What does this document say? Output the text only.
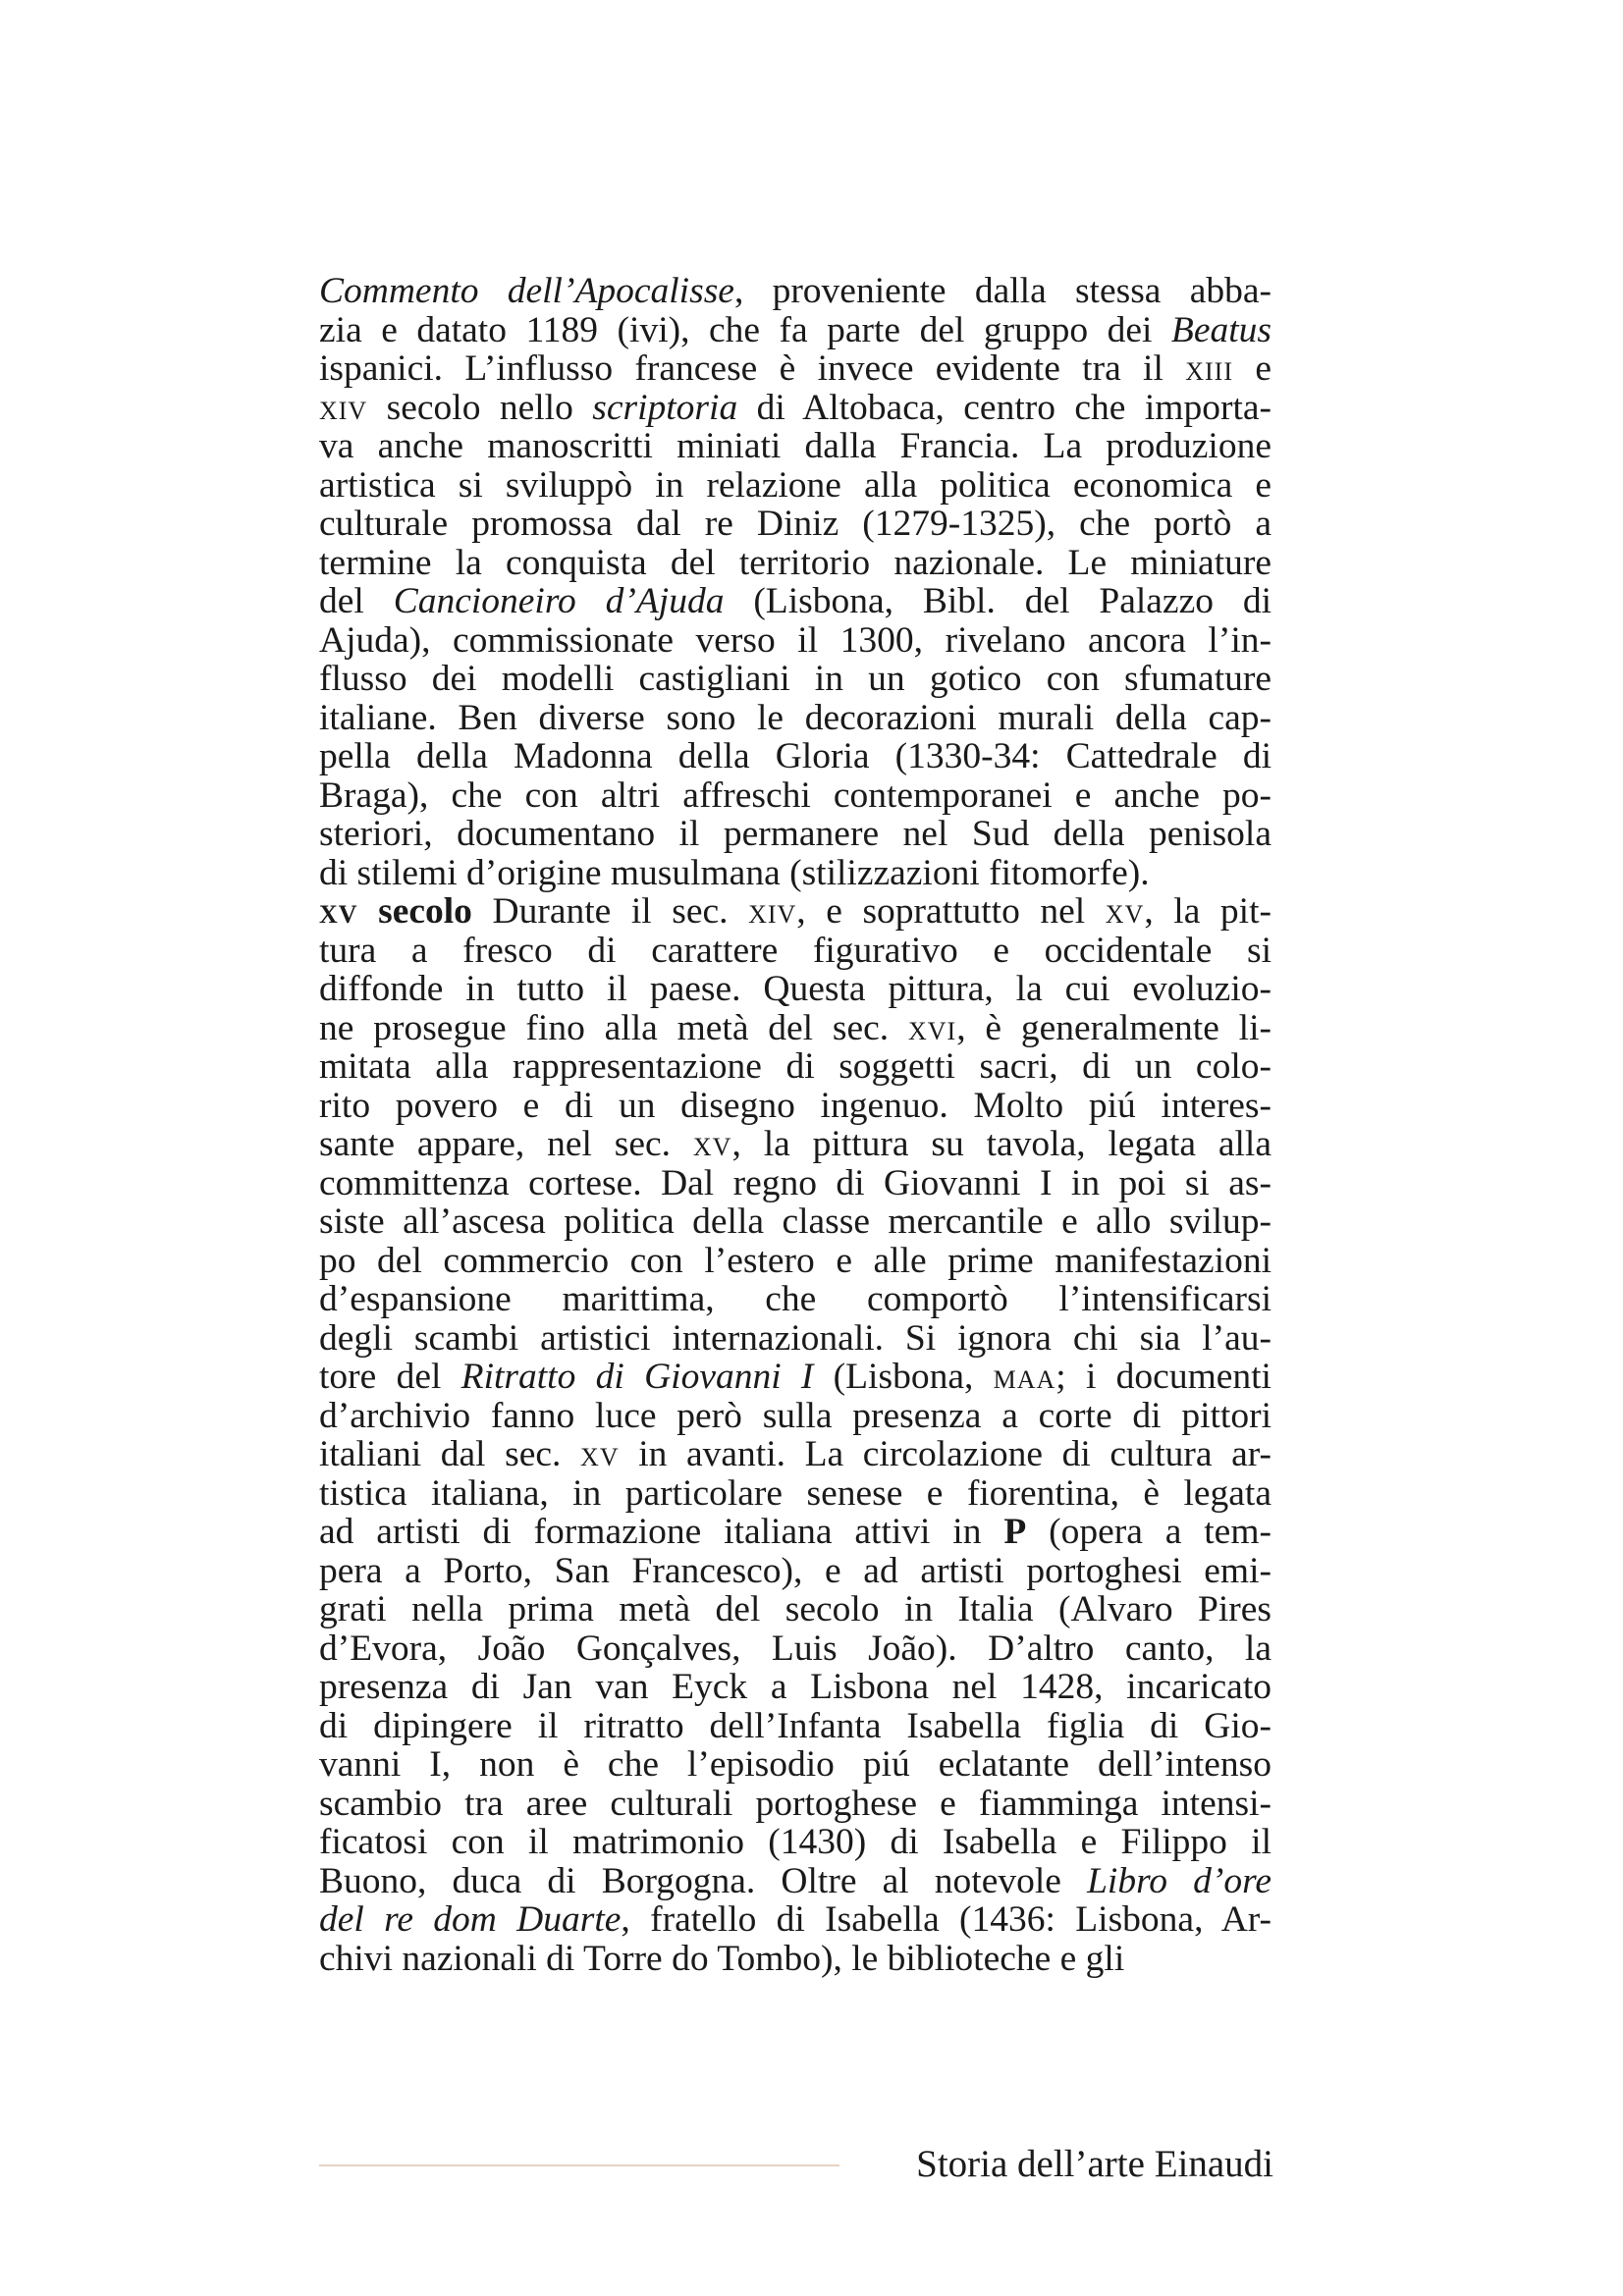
Commento dell’Apocalisse, proveniente dalla stessa abba-
zia e datato 1189 (ivi), che fa parte del gruppo dei Beatus
ispanici. L’influsso francese è invece evidente tra il xiii e
xiv secolo nello scriptoria di Altobaca, centro che importa-
va anche manoscritti miniati dalla Francia. La produzione
artistica si sviluppò in relazione alla politica economica e
culturale promossa dal re Diniz (1279-1325), che portò a
termine la conquista del territorio nazionale. Le miniature
del Cancioneiro d’Ajuda (Lisbona, Bibl. del Palazzo di
Ajuda), commissionate verso il 1300, rivelano ancora l’in-
flusso dei modelli castigliani in un gotico con sfumature
italiane. Ben diverse sono le decorazioni murali della cap-
pella della Madonna della Gloria (1330-34: Cattedrale di
Braga), che con altri affreschi contemporanei e anche po-
steriori, documentano il permanere nel Sud della penisola
di stilemi d’origine musulmana (stilizzazioni fitomorfe).
xv secolo Durante il sec. xiv, e soprattutto nel xv, la pit-
tura a fresco di carattere figurativo e occidentale si
diffonde in tutto il paese. Questa pittura, la cui evoluzio-
ne prosegue fino alla metà del sec. xvi, è generalmente li-
mitata alla rappresentazione di soggetti sacri, di un colo-
rito povero e di un disegno ingenuo. Molto piú interes-
sante appare, nel sec. xv, la pittura su tavola, legata alla
committenza cortese. Dal regno di Giovanni I in poi si as-
siste all’ascesa politica della classe mercantile e allo svilup-
po del commercio con l’estero e alle prime manifestazioni
d’espansione marittima, che comportò l’intensificarsi
degli scambi artistici internazionali. Si ignora chi sia l’au-
tore del Ritratto di Giovanni I (Lisbona, maa; i documenti
d’archivio fanno luce però sulla presenza a corte di pittori
italiani dal sec. xv in avanti. La circolazione di cultura ar-
tistica italiana, in particolare senese e fiorentina, è legata
ad artisti di formazione italiana attivi in P (opera a tem-
pera a Porto, San Francesco), e ad artisti portoghesi emi-
grati nella prima metà del secolo in Italia (Alvaro Pires
d’Evora, João Gonçalves, Luis João). D’altro canto, la
presenza di Jan van Eyck a Lisbona nel 1428, incaricato
di dipingere il ritratto dell’Infanta Isabella figlia di Gio-
vanni I, non è che l’episodio piú eclatante dell’intenso
scambio tra aree culturali portoghese e fiamminga intensi-
ficatosi con il matrimonio (1430) di Isabella e Filippo il
Buono, duca di Borgogna. Oltre al notevole Libro d’ore
del re dom Duarte, fratello di Isabella (1436: Lisbona, Ar-
chivi nazionali di Torre do Tombo), le biblioteche e gli
Storia dell’arte Einaudi
